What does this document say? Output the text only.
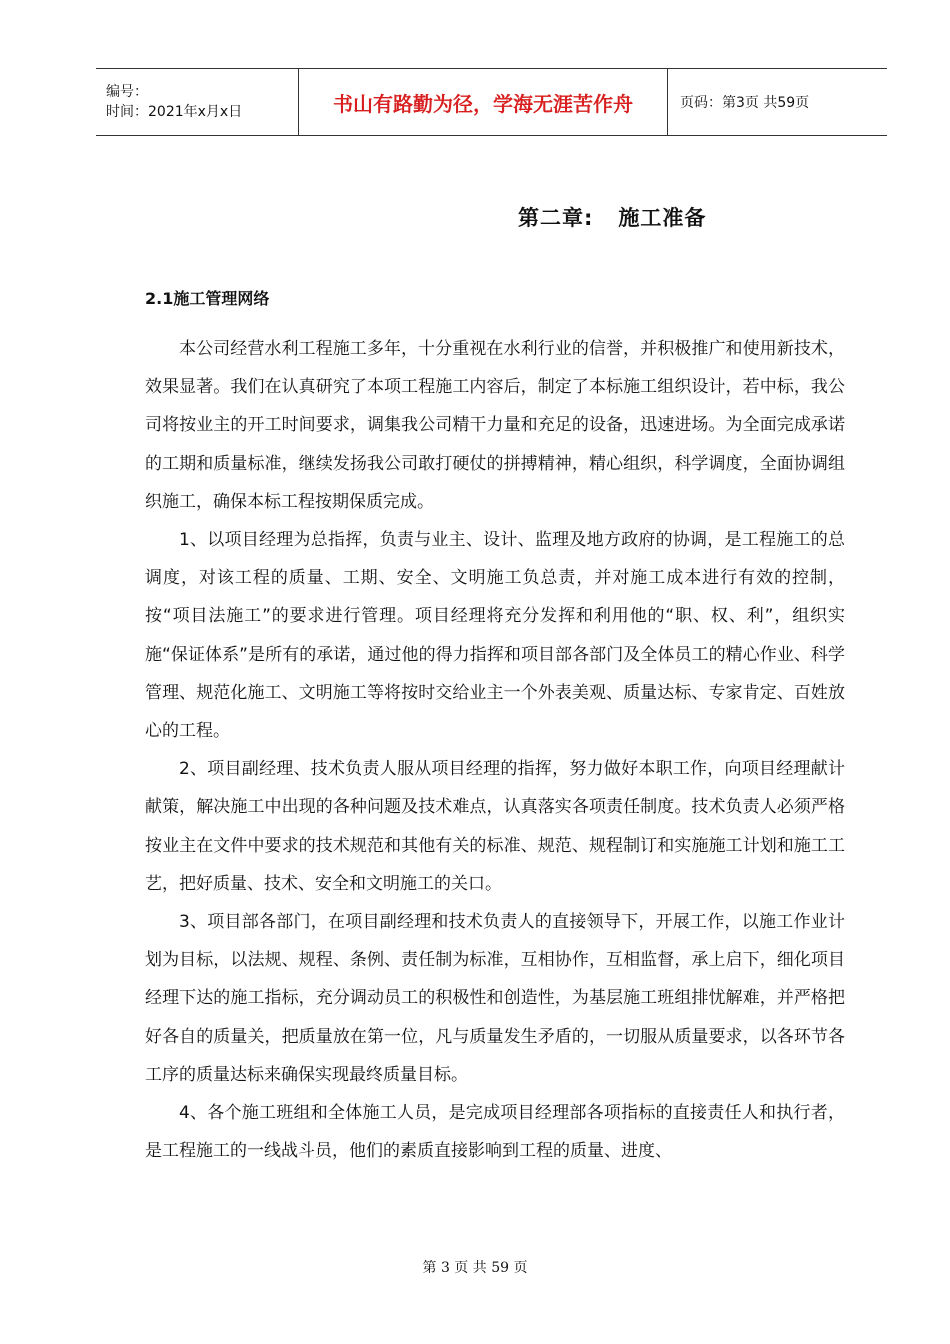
编号：
时间：2021年x月x日	书山有路勤为径，学海无涯苦作舟	页码：第3页 共59页
第二章:   施工准备
2.1施工管理网络

本公司经营水利工程施工多年，十分重视在水利行业的信誉，并积极推广和使用新技术，效果显著。我们在认真研究了本项工程施工内容后，制定了本标施工组织设计，若中标，我公司将按业主的开工时间要求，调集我公司精干力量和充足的设备，迅速进场。为全面完成承诺的工期和质量标准，继续发扬我公司敢打硬仗的拼搏精神，精心组织，科学调度，全面协调组织施工，确保本标工程按期保质完成。

1、以项目经理为总指挥，负责与业主、设计、监理及地方政府的协调，是工程施工的总调度，对该工程的质量、工期、安全、文明施工负总责，并对施工成本进行有效的控制，按“项目法施工”的要求进行管理。项目经理将充分发挥和利用他的“职、权、利”，组织实施“保证体系”是所有的承诺，通过他的得力指挥和项目部各部门及全体员工的精心作业、科学管理、规范化施工、文明施工等将按时交给业主一个外表美观、质量达标、专家肯定、百姓放心的工程。

2、项目副经理、技术负责人服从项目经理的指挥，努力做好本职工作，向项目经理献计献策，解决施工中出现的各种问题及技术难点，认真落实各项责任制度。技术负责人必须严格按业主在文件中要求的技术规范和其他有关的标准、规范、规程制订和实施施工计划和施工工艺，把好质量、技术、安全和文明施工的关口。

3、项目部各部门，在项目副经理和技术负责人的直接领导下，开展工作，以施工作业计划为目标，以法规、规程、条例、责任制为标准，互相协作，互相监督，承上启下，细化项目经理下达的施工指标，充分调动员工的积极性和创造性，为基层施工班组排忧解难，并严格把好各自的质量关，把质量放在第一位，凡与质量发生矛盾的，一切服从质量要求，以各环节各工序的质量达标来确保实现最终质量目标。

4、各个施工班组和全体施工人员，是完成项目经理部各项指标的直接责任人和执行者，是工程施工的一线战斗员，他们的素质直接影响到工程的质量、进度、

第 3 页 共 59 页
